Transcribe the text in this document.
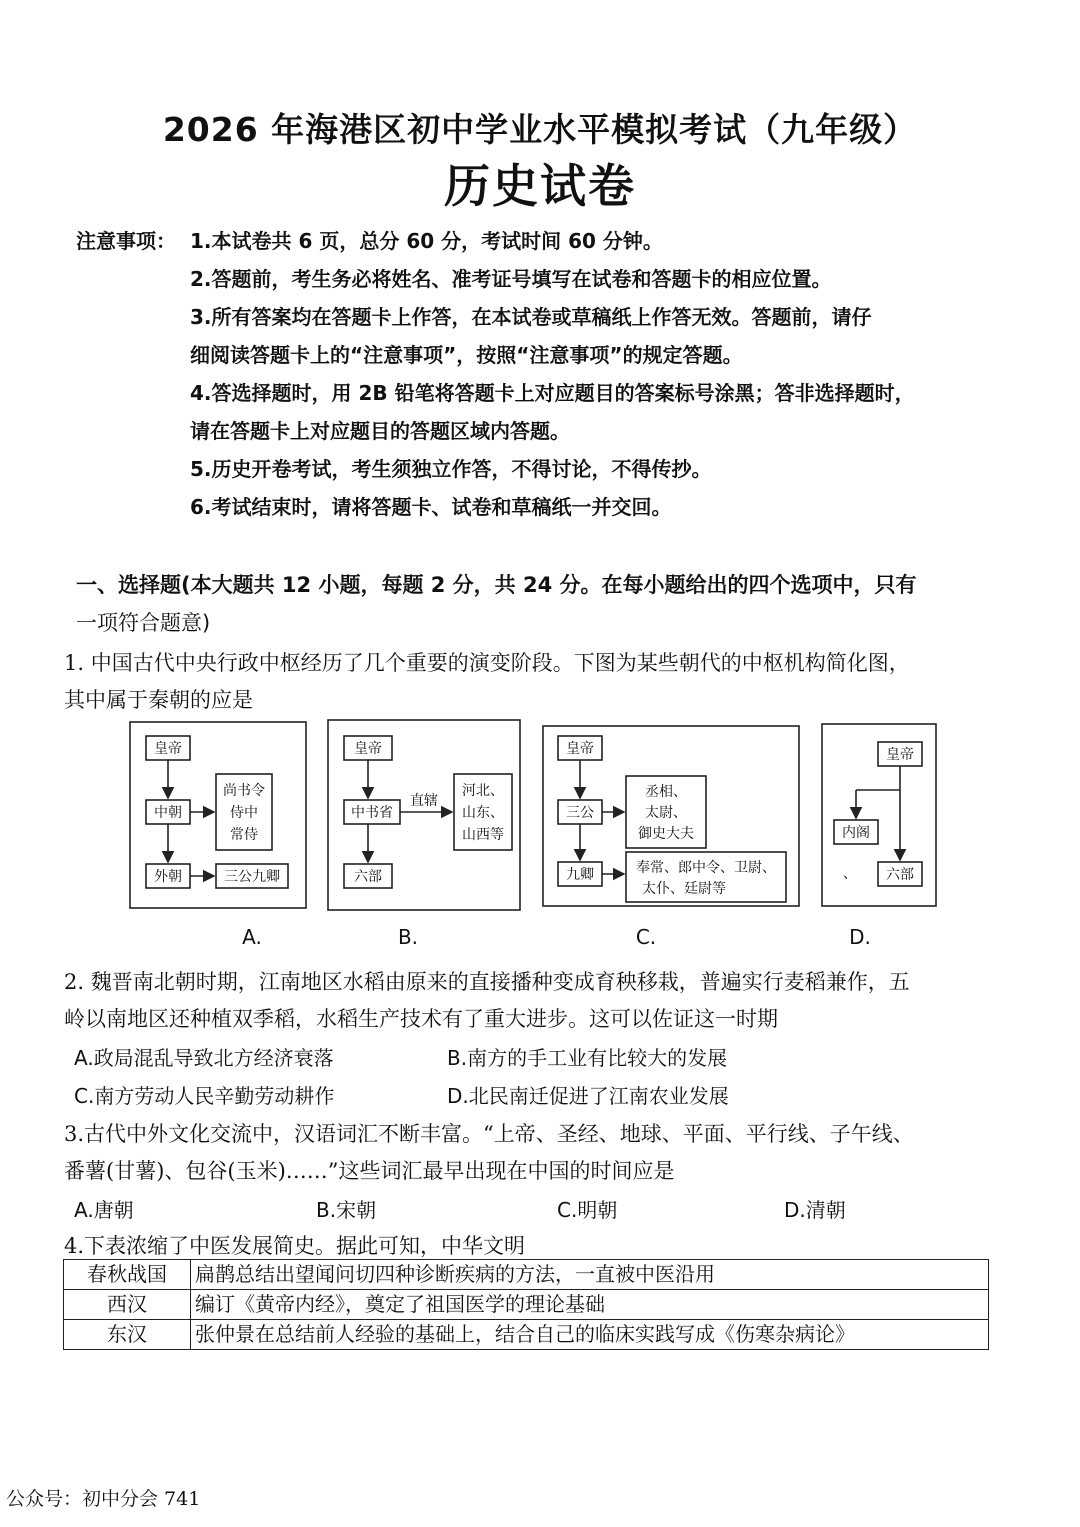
2026 年海港区初中学业水平模拟考试（九年级）
历史试卷
注意事项： 1.本试卷共 6 页，总分 60 分，考试时间 60 分钟。
2.答题前，考生务必将姓名、准考证号填写在试卷和答题卡的相应位置。
3.所有答案均在答题卡上作答，在本试卷或草稿纸上作答无效。答题前，请仔
细阅读答题卡上的“注意事项”，按照“注意事项”的规定答题。
4.答选择题时，用 2B 铅笔将答题卡上对应题目的答案标号涂黑；答非选择题时，
请在答题卡上对应题目的答题区域内答题。
5.历史开卷考试，考生须独立作答，不得讨论，不得传抄。
6.考试结束时，请将答题卡、试卷和草稿纸一并交回。
一、选择题(本大题共 12 小题，每题 2 分，共 24 分。在每小题给出的四个选项中，只有
一项符合题意)
1. 中国古代中央行政中枢经历了几个重要的演变阶段。下图为某些朝代的中枢机构简化图，
其中属于秦朝的应是
皇帝
中朝
外朝
尚书令
侍中
常侍
三公九卿
皇帝
中书省
直辖
河北、
山东、
山西等
六部
皇帝
三公
九卿
丞相、
太尉、
御史大夫
奉常、郎中令、卫尉、
太仆、廷尉等
皇帝
内阁
、 六部
A.	B.	C.	D.
2. 魏晋南北朝时期，江南地区水稻由原来的直接播种变成育秧移栽，普遍实行麦稻兼作，五
岭以南地区还种植双季稻，水稻生产技术有了重大进步。这可以佐证这一时期
A.政局混乱导致北方经济衰落	B.南方的手工业有比较大的发展
C.南方劳动人民辛勤劳动耕作	D.北民南迁促进了江南农业发展
3.古代中外文化交流中，汉语词汇不断丰富。“上帝、圣经、地球、平面、平行线、子午线、
番薯(甘薯)、包谷(玉米)……”这些词汇最早出现在中国的时间应是
A.唐朝	B.宋朝	C.明朝	D.清朝
4.下表浓缩了中医发展简史。据此可知，中华文明
春秋战国	扁鹊总结出望闻问切四种诊断疾病的方法，一直被中医沿用
西汉	编订《黄帝内经》，奠定了祖国医学的理论基础
东汉	张仲景在总结前人经验的基础上，结合自己的临床实践写成《伤寒杂病论》
公众号：初中分会 741
